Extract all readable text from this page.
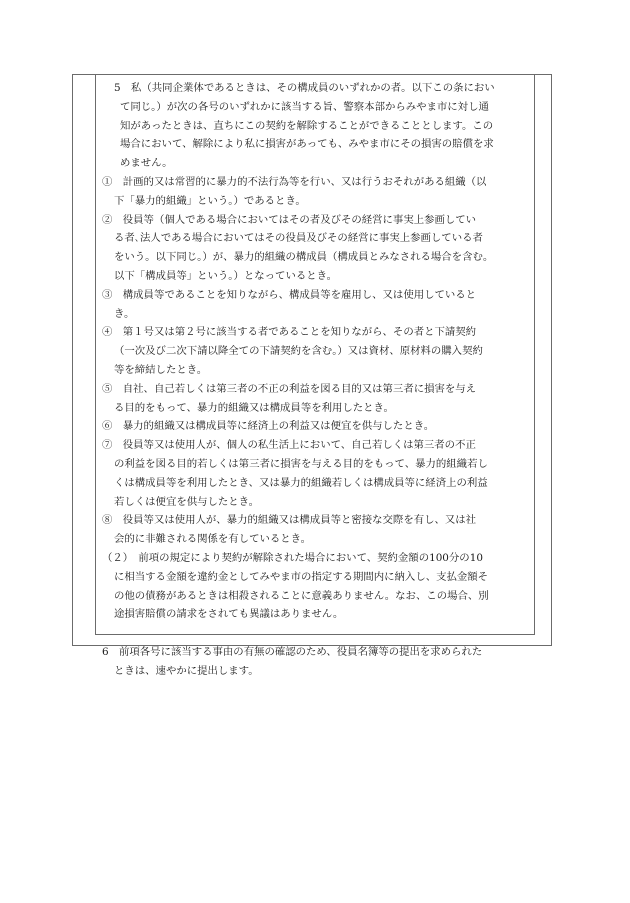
5　私（共同企業体であるときは、その構成員のいずれかの者。以下この条におい
て同じ。）が次の各号のいずれかに該当する旨、警察本部からみやま市に対し通
知があったときは、直ちにこの契約を解除することができることとします。この
場合において、解除により私に損害があっても、みやま市にその損害の賠償を求
めません。
①　計画的又は常習的に暴力的不法行為等を行い、又は行うおそれがある組織（以
下「暴力的組織」という。）であるとき。
②　役員等（個人である場合においてはその者及びその経営に事実上参画してい
る者､法人である場合においてはその役員及びその経営に事実上参画している者
をいう。以下同じ。）が、暴力的組織の構成員（構成員とみなされる場合を含む。
以下「構成員等」という。）となっているとき。
③　構成員等であることを知りながら、構成員等を雇用し、又は使用していると
き。
④　第１号又は第２号に該当する者であることを知りながら、その者と下請契約
（一次及び二次下請以降全ての下請契約を含む。）又は資材、原材料の購入契約
等を締結したとき。
⑤　自社、自己若しくは第三者の不正の利益を図る目的又は第三者に損害を与え
る目的をもって、暴力的組織又は構成員等を利用したとき。
⑥　暴力的組織又は構成員等に経済上の利益又は便宜を供与したとき。
⑦　役員等又は使用人が、個人の私生活上において、自己若しくは第三者の不正
の利益を図る目的若しくは第三者に損害を与える目的をもって、暴力的組織若し
くは構成員等を利用したとき、又は暴力的組織若しくは構成員等に経済上の利益
若しくは便宜を供与したとき。
⑧　役員等又は使用人が、暴力的組織又は構成員等と密接な交際を有し、又は社
会的に非難される関係を有しているとき。
（２）　前項の規定により契約が解除された場合において、契約金額の100分の10
に相当する金額を違約金としてみやま市の指定する期間内に納入し、支払金額そ
の他の債務があるときは相殺されることに意義ありません。なお、この場合、別
途損害賠償の請求をされても異議はありません。
6　前項各号に該当する事由の有無の確認のため、役員名簿等の提出を求められた
ときは、速やかに提出します。
